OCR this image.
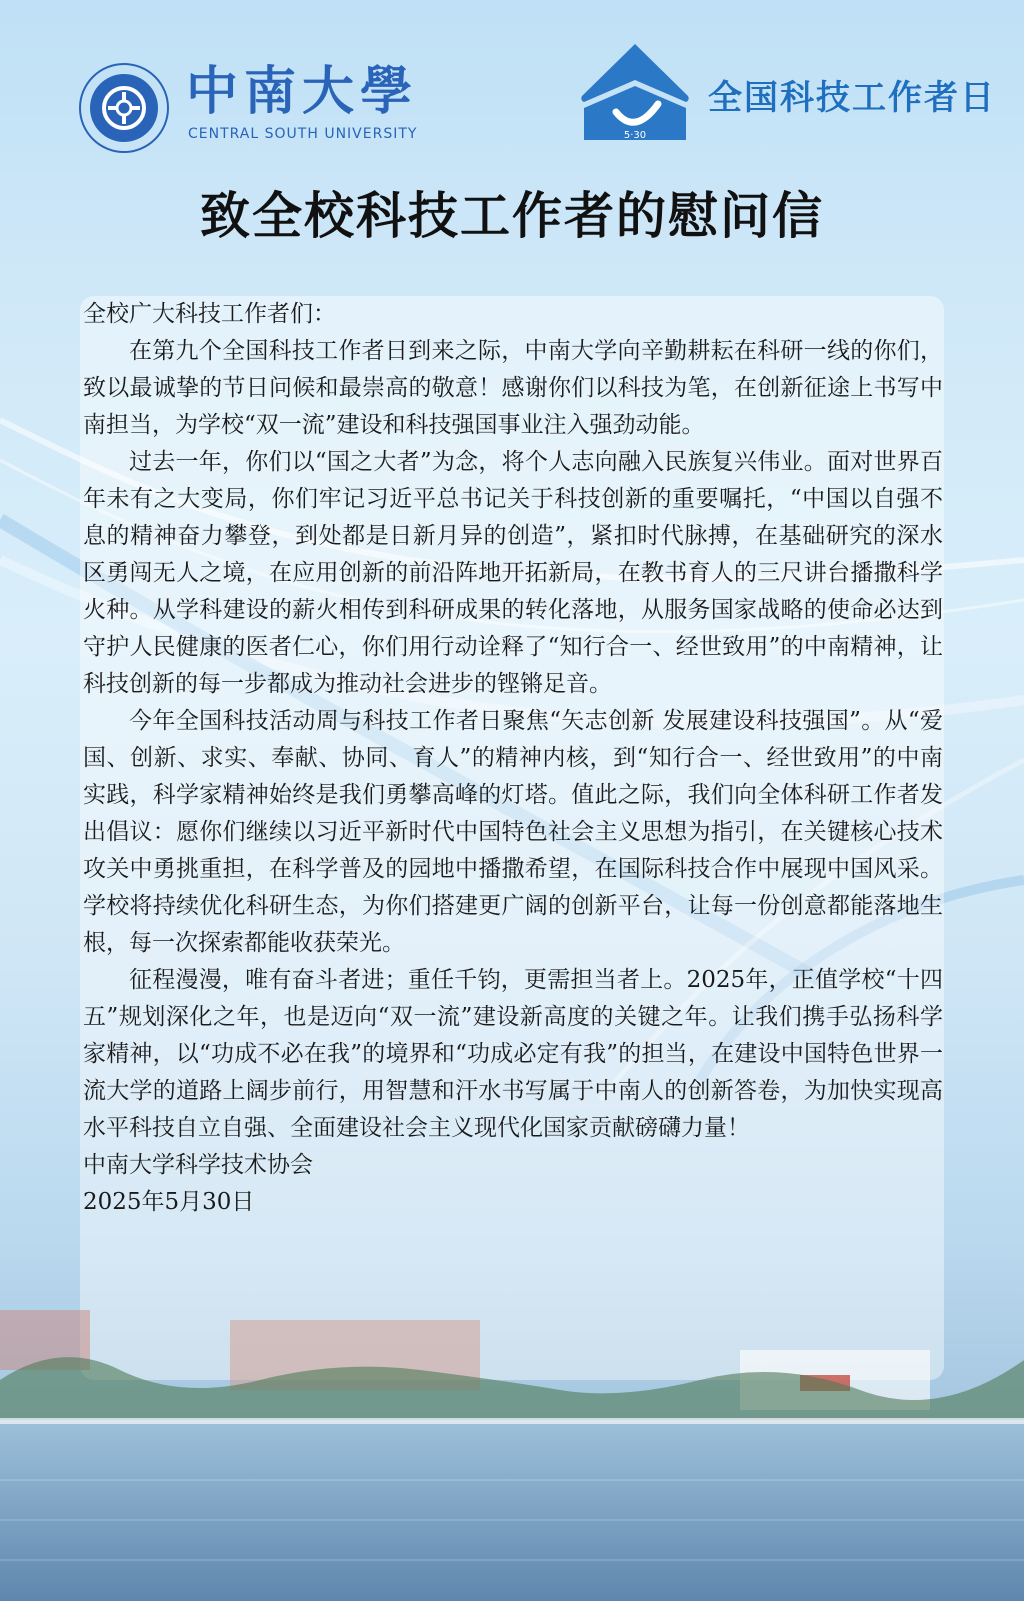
中南大學
CENTRAL SOUTH UNIVERSITY	5·30
全国科技工作者日
致全校科技工作者的慰问信

全校广大科技工作者们：

在第九个全国科技工作者日到来之际，中南大学向辛勤耕耘在科研一线的你们，致以最诚挚的节日问候和最崇高的敬意！感谢你们以科技为笔，在创新征途上书写中南担当，为学校“双一流”建设和科技强国事业注入强劲动能。

过去一年，你们以“国之大者”为念，将个人志向融入民族复兴伟业。面对世界百年未有之大变局，你们牢记习近平总书记关于科技创新的重要嘱托，“中国以自强不息的精神奋力攀登，到处都是日新月异的创造”，紧扣时代脉搏，在基础研究的深水区勇闯无人之境，在应用创新的前沿阵地开拓新局，在教书育人的三尺讲台播撒科学火种。从学科建设的薪火相传到科研成果的转化落地，从服务国家战略的使命必达到守护人民健康的医者仁心，你们用行动诠释了“知行合一、经世致用”的中南精神，让科技创新的每一步都成为推动社会进步的铿锵足音。

今年全国科技活动周与科技工作者日聚焦“矢志创新 发展建设科技强国”。从“爱国、创新、求实、奉献、协同、育人”的精神内核，到“知行合一、经世致用”的中南实践，科学家精神始终是我们勇攀高峰的灯塔。值此之际，我们向全体科研工作者发出倡议：愿你们继续以习近平新时代中国特色社会主义思想为指引，在关键核心技术攻关中勇挑重担，在科学普及的园地中播撒希望，在国际科技合作中展现中国风采。学校将持续优化科研生态，为你们搭建更广阔的创新平台，让每一份创意都能落地生根，每一次探索都能收获荣光。

征程漫漫，唯有奋斗者进；重任千钧，更需担当者上。2025年，正值学校“十四五”规划深化之年，也是迈向“双一流”建设新高度的关键之年。让我们携手弘扬科学家精神，以“功成不必在我”的境界和“功成必定有我”的担当，在建设中国特色世界一流大学的道路上阔步前行，用智慧和汗水书写属于中南人的创新答卷，为加快实现高水平科技自立自强、全面建设社会主义现代化国家贡献磅礴力量！

中南大学科学技术协会

2025年5月30日
